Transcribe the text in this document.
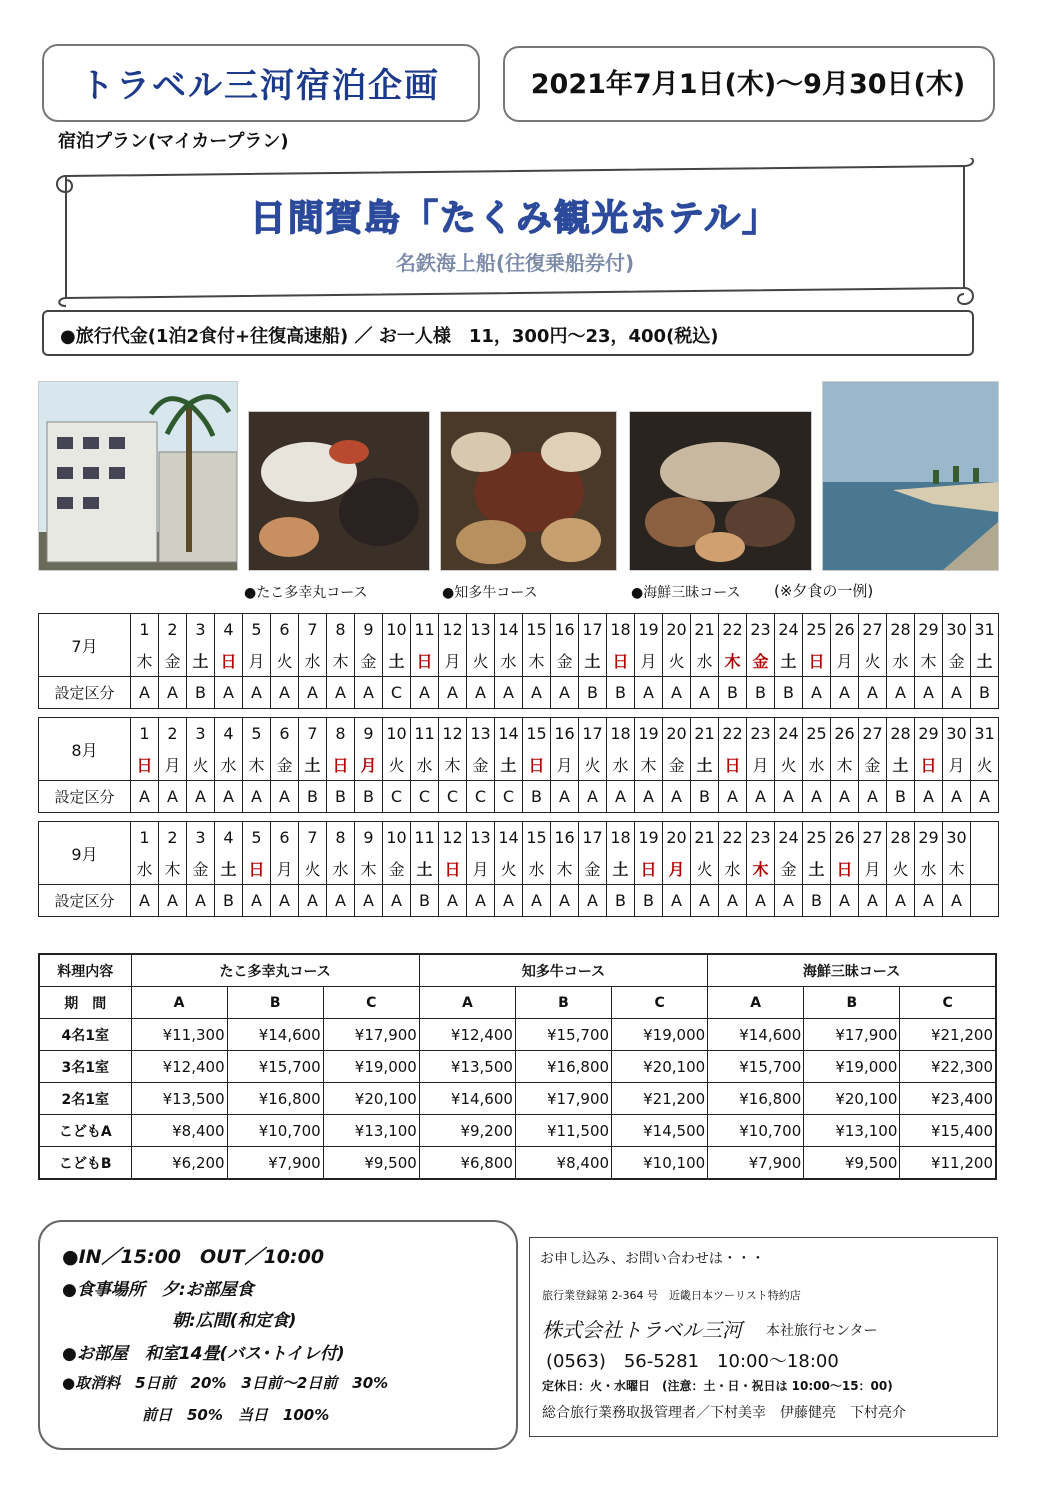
トラベル三河宿泊企画	2021年7月1日(木)～9月30日(木)
宿泊プラン(マイカープラン)
日間賀島「たくみ観光ホテル」
名鉄海上船(往復乗船券付)
●旅行代金(1泊2食付+往復高速船) ／ お一人様　11，300円～23，400(税込)
●たこ多幸丸コース	●知多牛コース	●海鮮三昧コース (※夕食の一例)
7月	1	2	3	4	5	6	7	8	9	10	11	12	13	14	15	16	17	18	19	20	21	22	23	24	25	26	27	28	29	30	31
	木	金	土	日	月	火	水	木	金	土	日	月	火	水	木	金	土	日	月	火	水	木	金	土	日	月	火	水	木	金	土
設定区分	A	A	B	A	A	A	A	A	A	C	A	A	A	A	A	A	B	B	A	A	A	B	B	B	A	A	A	A	A	A	B
8月	1	2	3	4	5	6	7	8	9	10	11	12	13	14	15	16	17	18	19	20	21	22	23	24	25	26	27	28	29	30	31
	日	月	火	水	木	金	土	日	月	火	水	木	金	土	日	月	火	水	木	金	土	日	月	火	水	木	金	土	日	月	火
設定区分	A	A	A	A	A	A	B	B	B	C	C	C	C	C	B	A	A	A	A	A	B	A	A	A	A	A	A	B	A	A	A
9月	1	2	3	4	5	6	7	8	9	10	11	12	13	14	15	16	17	18	19	20	21	22	23	24	25	26	27	28	29	30	
	水	木	金	土	日	月	火	水	木	金	土	日	月	火	水	木	金	土	日	月	火	水	木	金	土	日	月	火	水	木	
設定区分	A	A	A	B	A	A	A	A	A	A	B	A	A	A	A	A	A	B	B	A	A	A	A	A	B	A	A	A	A	A	
料理内容	たこ多幸丸コース			知多牛コース			海鮮三昧コース		
期　間	A	B	C	A	B	C	A	B	C
4名1室	¥11,300	¥14,600	¥17,900	¥12,400	¥15,700	¥19,000	¥14,600	¥17,900	¥21,200
3名1室	¥12,400	¥15,700	¥19,000	¥13,500	¥16,800	¥20,100	¥15,700	¥19,000	¥22,300
2名1室	¥13,500	¥16,800	¥20,100	¥14,600	¥17,900	¥21,200	¥16,800	¥20,100	¥23,400
こどもA	¥8,400	¥10,700	¥13,100	¥9,200	¥11,500	¥14,500	¥10,700	¥13,100	¥15,400
こどもB	¥6,200	¥7,900	¥9,500	¥6,800	¥8,400	¥10,100	¥7,900	¥9,500	¥11,200
●IN／15:00　OUT／10:00
●食事場所　夕:お部屋食
朝:広間(和定食)
●お部屋　和室14畳(バス･トイレ付)
●取消料　5日前　20%　3日前～2日前　30%
前日　50%　当日　100%
お申し込み、お問い合わせは・・・
旅行業登録第 2-364 号　近畿日本ツーリスト特約店
株式会社トラベル三河 本社旅行センター
(0563)　56-5281　10:00～18:00
定休日：火・水曜日　(注意：土・日・祝日は 10:00～15：00)
総合旅行業務取扱管理者／下村美幸　伊藤健亮　下村亮介
